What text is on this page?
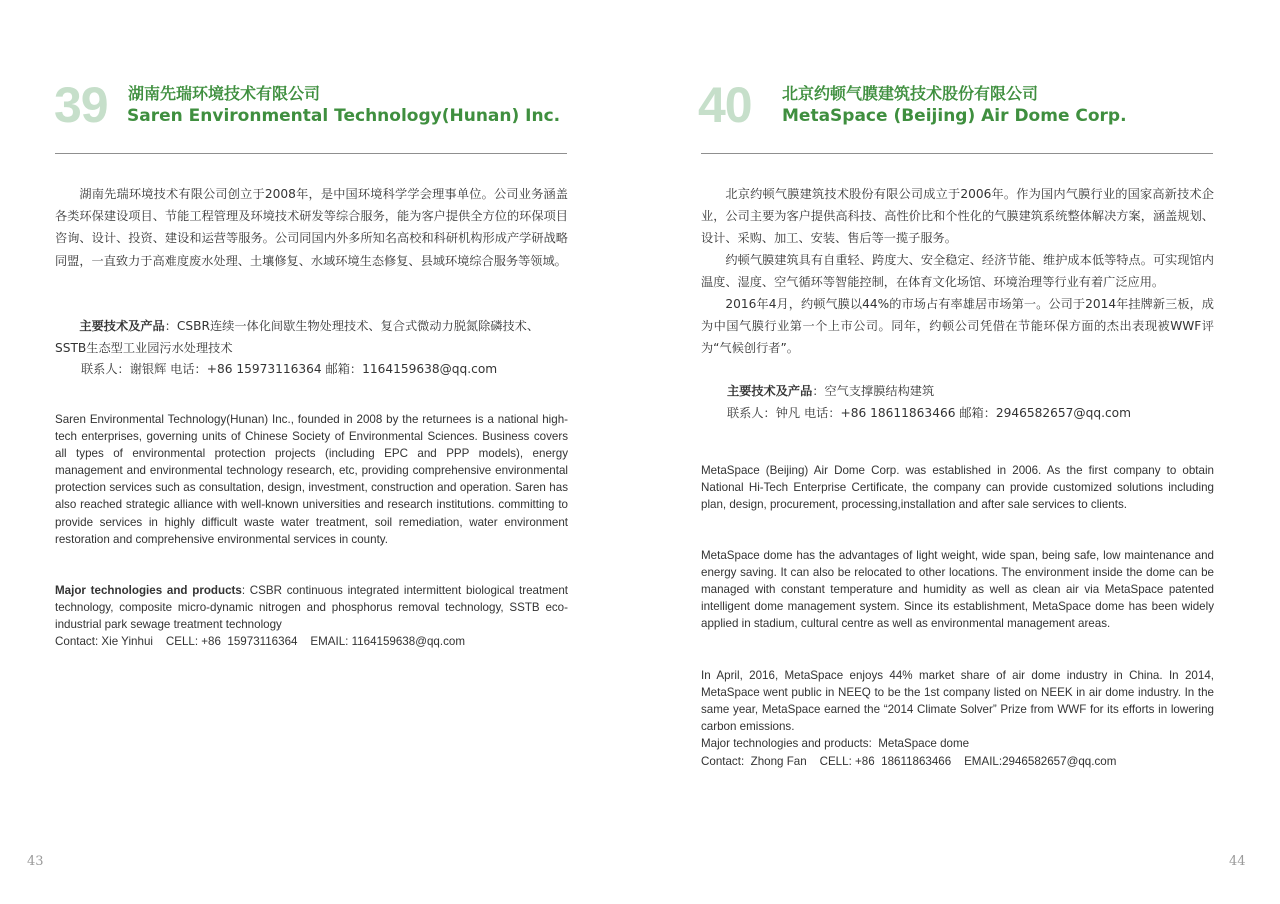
39 湖南先瑞环境技术有限公司
Saren Environmental Technology(Hunan) Inc.

湖南先瑞环境技术有限公司创立于2008年，是中国环境科学学会理事单位。公司业务涵盖各类环保建设项目、节能工程管理及环境技术研发等综合服务，能为客户提供全方位的环保项目咨询、设计、投资、建设和运营等服务。公司同国内外多所知名高校和科研机构形成产学研战略同盟，一直致力于高难度废水处理、土壤修复、水域环境生态修复、县域环境综合服务等领域。

主要技术及产品：CSBR连续一体化间歇生物处理技术、复合式微动力脱氮除磷技术、SSTB生态型工业园污水处理技术

联系人：谢银辉 电话：+86 15973116364 邮箱：1164159638@qq.com

Saren Environmental Technology(Hunan) Inc., founded in 2008 by the returnees is a national high-tech enterprises, governing units of Chinese Society of Environmental Sciences. Business covers all types of environmental protection projects (including EPC and PPP models), energy management and environmental technology research, etc, providing comprehensive environmental protection services such as consultation, design, investment, construction and operation. Saren has also reached strategic alliance with well-known universities and research institutions. committing to provide services in highly difficult waste water treatment, soil remediation, water environment restoration and comprehensive environmental services in county.

Major technologies and products: CSBR continuous integrated intermittent biological treatment technology, composite micro-dynamic nitrogen and phosphorus removal technology, SSTB eco-industrial park sewage treatment technology

Contact: Xie Yinhui    CELL: +86  15973116364    EMAIL: 1164159638@qq.com

43
40 北京约顿气膜建筑技术股份有限公司
MetaSpace (Beijing) Air Dome Corp.

北京约顿气膜建筑技术股份有限公司成立于2006年。作为国内气膜行业的国家高新技术企业，公司主要为客户提供高科技、高性价比和个性化的气膜建筑系统整体解决方案，涵盖规划、设计、采购、加工、安装、售后等一揽子服务。

约顿气膜建筑具有自重轻、跨度大、安全稳定、经济节能、维护成本低等特点。可实现馆内温度、湿度、空气循环等智能控制，在体育文化场馆、环境治理等行业有着广泛应用。

2016年4月，约顿气膜以44%的市场占有率雄居市场第一。公司于2014年挂牌新三板，成为中国气膜行业第一个上市公司。同年，约顿公司凭借在节能环保方面的杰出表现被WWF评为“气候创行者”。

主要技术及产品：空气支撑膜结构建筑

联系人：钟凡 电话：+86 18611863466 邮箱：2946582657@qq.com

MetaSpace (Beijing) Air Dome Corp. was established in 2006. As the first company to obtain National Hi-Tech Enterprise Certificate, the company can provide customized solutions including plan, design, procurement, processing,installation and after sale services to clients.

MetaSpace dome has the advantages of light weight, wide span, being safe, low maintenance and energy saving. It can also be relocated to other locations. The environment inside the dome can be managed with constant temperature and humidity as well as clean air via MetaSpace patented intelligent dome management system. Since its establishment, MetaSpace dome has been widely applied in stadium, cultural centre as well as environmental management areas.

In April, 2016, MetaSpace enjoys 44% market share of air dome industry in China. In 2014, MetaSpace went public in NEEQ to be the 1st company listed on NEEK in air dome industry. In the same year, MetaSpace earned the “2014 Climate Solver” Prize from WWF for its efforts in lowering carbon emissions.

Major technologies and products:  MetaSpace dome

Contact:  Zhong Fan    CELL: +86  18611863466    EMAIL:2946582657@qq.com

44
